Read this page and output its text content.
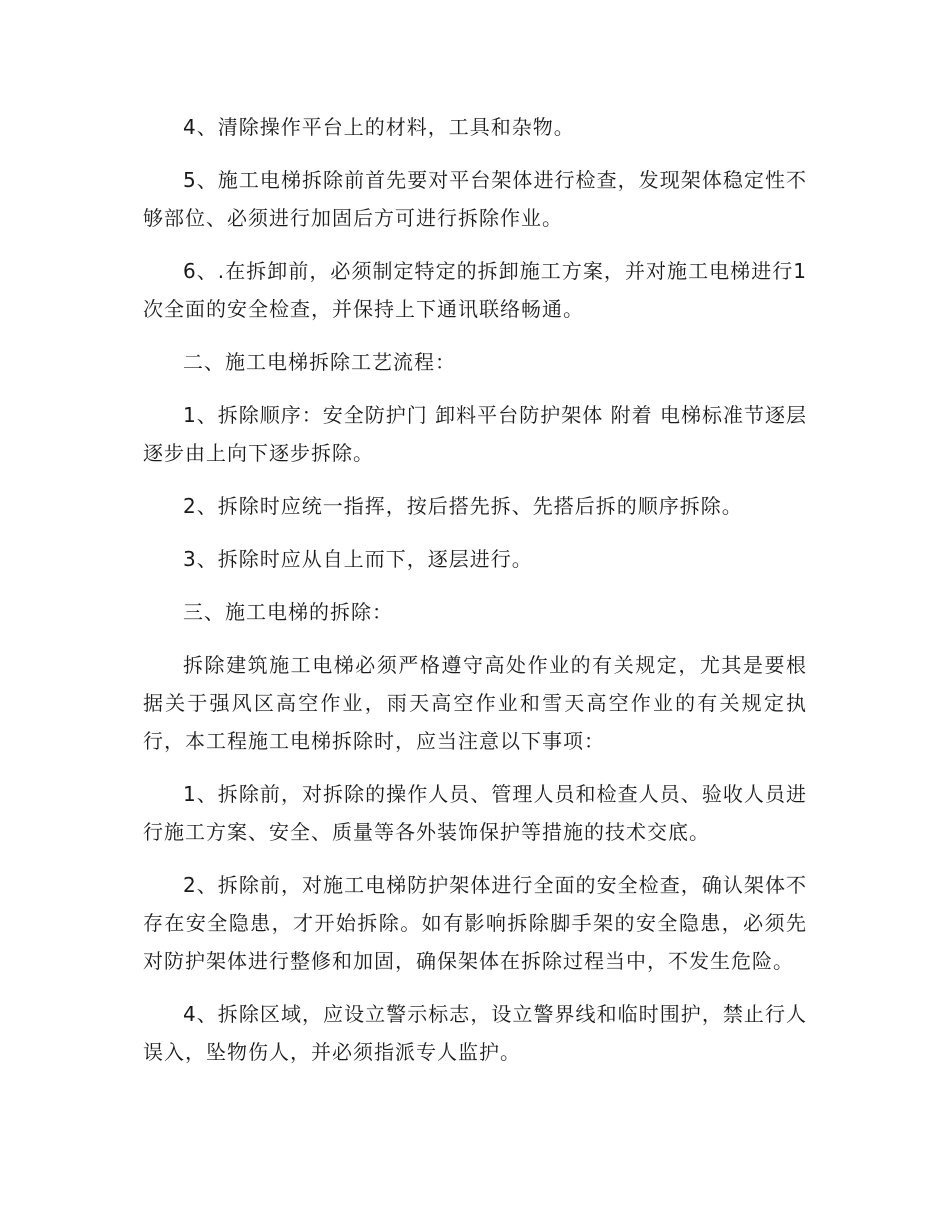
4、清除操作平台上的材料，工具和杂物。

5、施工电梯拆除前首先要对平台架体进行检查，发现架体稳定性不够部位、必须进行加固后方可进行拆除作业。

6、.在拆卸前，必须制定特定的拆卸施工方案，并对施工电梯进行1次全面的安全检查，并保持上下通讯联络畅通。

二、施工电梯拆除工艺流程：

1、拆除顺序：安全防护门 卸料平台防护架体 附着 电梯标准节逐层逐步由上向下逐步拆除。

2、拆除时应统一指挥，按后搭先拆、先搭后拆的顺序拆除。

3、拆除时应从自上而下，逐层进行。

三、施工电梯的拆除：

拆除建筑施工电梯必须严格遵守高处作业的有关规定，尤其是要根据关于强风区高空作业，雨天高空作业和雪天高空作业的有关规定执行，本工程施工电梯拆除时，应当注意以下事项：

1、拆除前，对拆除的操作人员、管理人员和检查人员、验收人员进行施工方案、安全、质量等各外装饰保护等措施的技术交底。

2、拆除前，对施工电梯防护架体进行全面的安全检查，确认架体不存在安全隐患，才开始拆除。如有影响拆除脚手架的安全隐患，必须先对防护架体进行整修和加固，确保架体在拆除过程当中，不发生危险。

4、拆除区域，应设立警示标志，设立警界线和临时围护，禁止行人误入，坠物伤人，并必须指派专人监护。
